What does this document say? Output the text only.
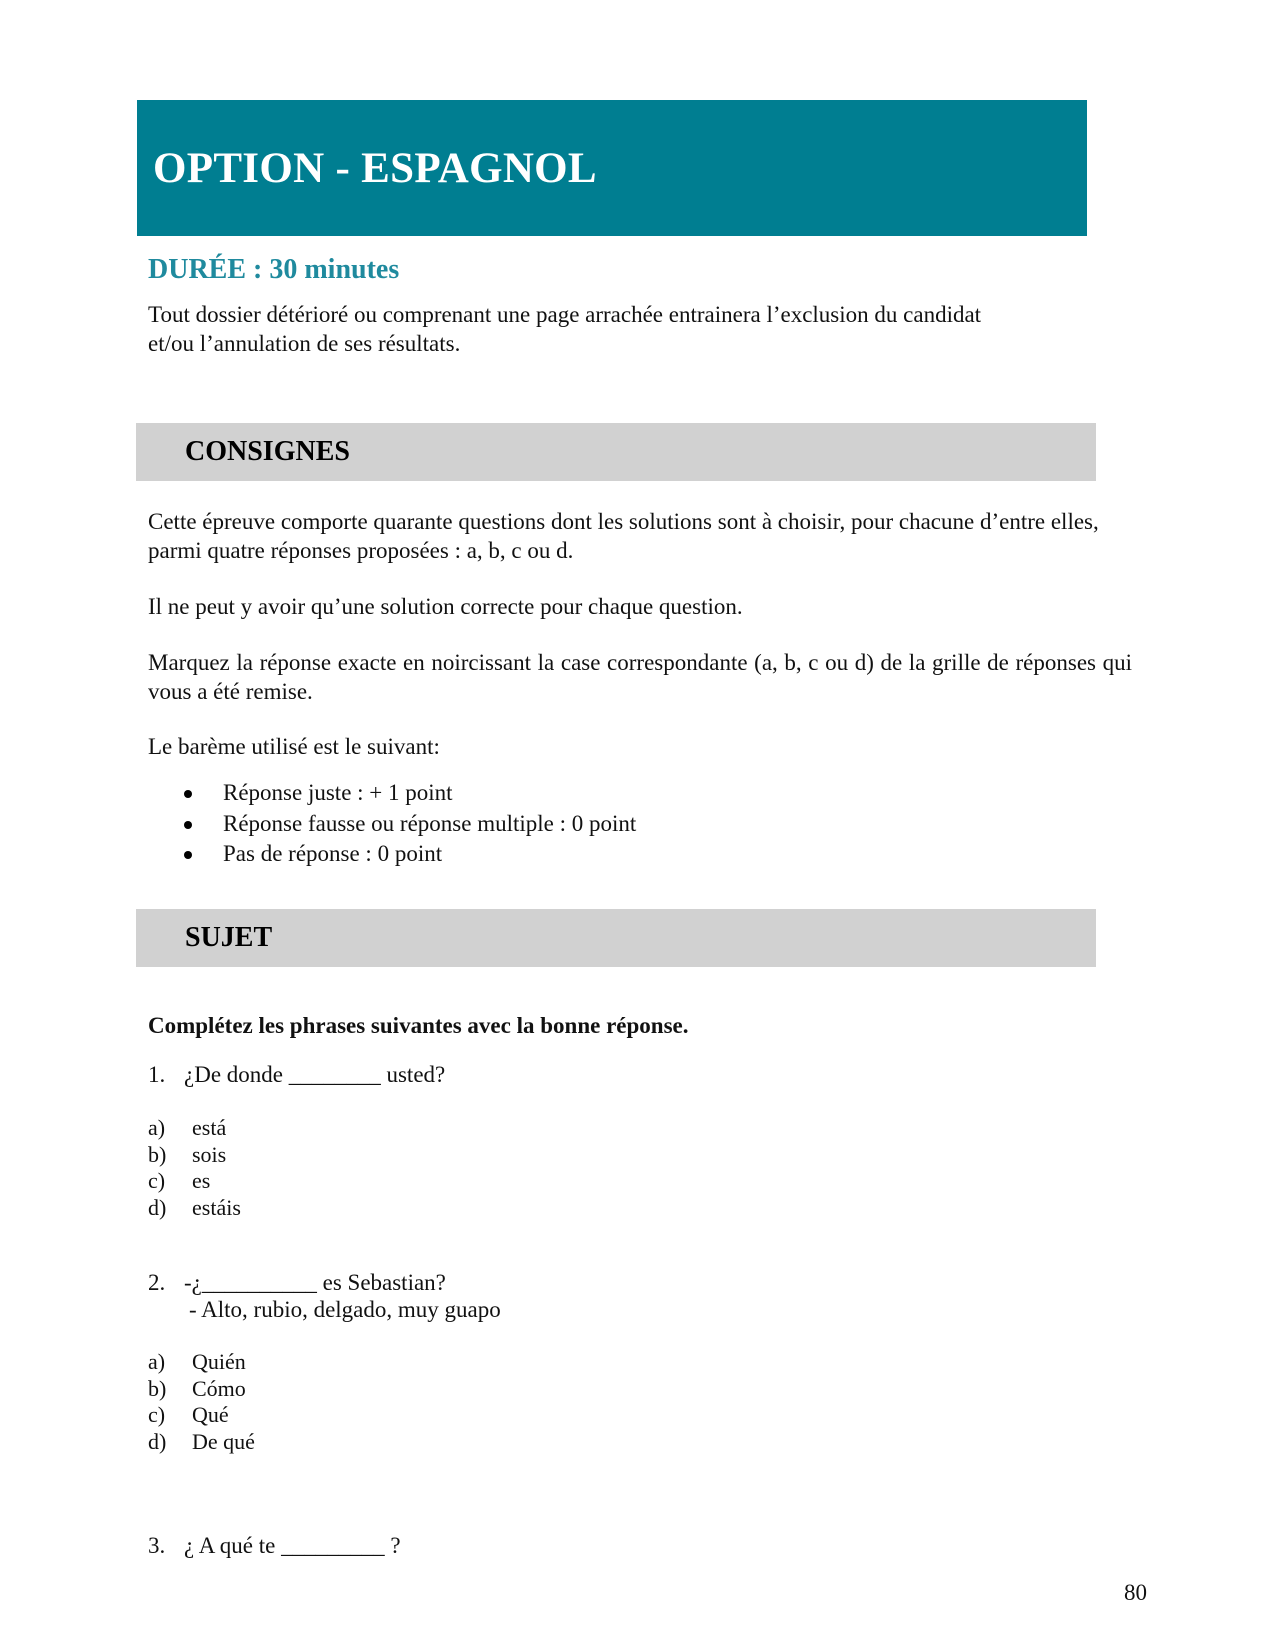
OPTION - ESPAGNOL
DURÉE : 30 minutes
Tout dossier détérioré ou comprenant une page arrachée entrainera l’exclusion du candidat et/ou l’annulation de ses résultats.
CONSIGNES
Cette épreuve comporte quarante questions dont les solutions sont à choisir, pour chacune d’entre elles, parmi quatre réponses proposées : a, b, c ou d.
Il ne peut y avoir qu’une solution correcte pour chaque question.
Marquez la réponse exacte en noircissant la case correspondante (a, b, c ou d) de la grille de réponses qui vous a été remise.
Le barème utilisé est le suivant:
Réponse juste : + 1 point
Réponse fausse ou réponse multiple : 0 point
Pas de réponse : 0 point
SUJET
Complétez les phrases suivantes avec la bonne réponse.
1. ¿De donde ________ usted?
a) está
b) sois
c) es
d) estáis
2. -¿__________ es Sebastian?
- Alto, rubio, delgado, muy guapo
a) Quién
b) Cómo
c) Qué
d) De qué
3. ¿ A qué te _________ ?
80
